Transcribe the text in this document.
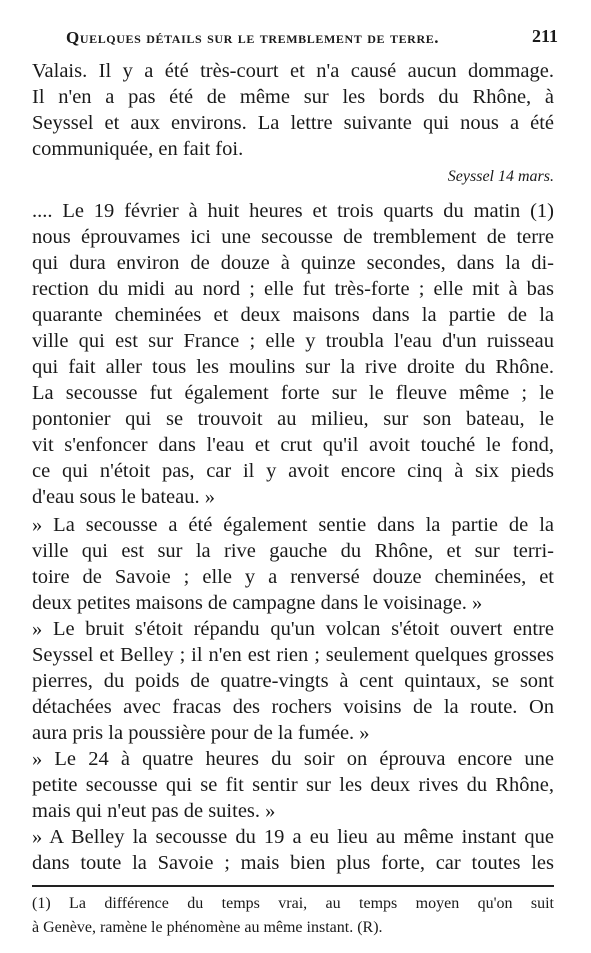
Quelques détails sur le tremblement de terre.	211
Valais. Il y a été très-court et n'a causé aucun dommage.
Il n'en a pas été de même sur les bords du Rhône, à
Seyssel et aux environs. La lettre suivante qui nous a été
communiquée, en fait foi.
Seyssel 14 mars.
.... Le 19 février à huit heures et trois quarts du matin (1)
nous éprouvames ici une secousse de tremblement de terre
qui dura environ de douze à quinze secondes, dans la di-
rection du midi au nord ; elle fut très-forte ; elle mit à bas
quarante cheminées et deux maisons dans la partie de la
ville qui est sur France ; elle y troubla l'eau d'un ruisseau
qui fait aller tous les moulins sur la rive droite du Rhône.
La secousse fut également forte sur le fleuve même ; le
pontonier qui se trouvoit au milieu, sur son bateau, le
vit s'enfoncer dans l'eau et crut qu'il avoit touché le fond,
ce qui n'étoit pas, car il y avoit encore cinq à six pieds
d'eau sous le bateau. »
» La secousse a été également sentie dans la partie de la
ville qui est sur la rive gauche du Rhône, et sur terri-
toire de Savoie ; elle y a renversé douze cheminées, et
deux petites maisons de campagne dans le voisinage. »
» Le bruit s'étoit répandu qu'un volcan s'étoit ouvert entre
Seyssel et Belley ; il n'en est rien ; seulement quelques grosses
pierres, du poids de quatre-vingts à cent quintaux, se sont
détachées avec fracas des rochers voisins de la route. On
aura pris la poussière pour de la fumée. »
» Le 24 à quatre heures du soir on éprouva encore une
petite secousse qui se fit sentir sur les deux rives du Rhône,
mais qui n'eut pas de suites. »
» A Belley la secousse du 19 a eu lieu au même instant que
dans toute la Savoie ; mais bien plus forte, car toutes les
(1) La différence du temps vrai, au temps moyen qu'on suit
à Genève, ramène le phénomène au même instant. (R).
